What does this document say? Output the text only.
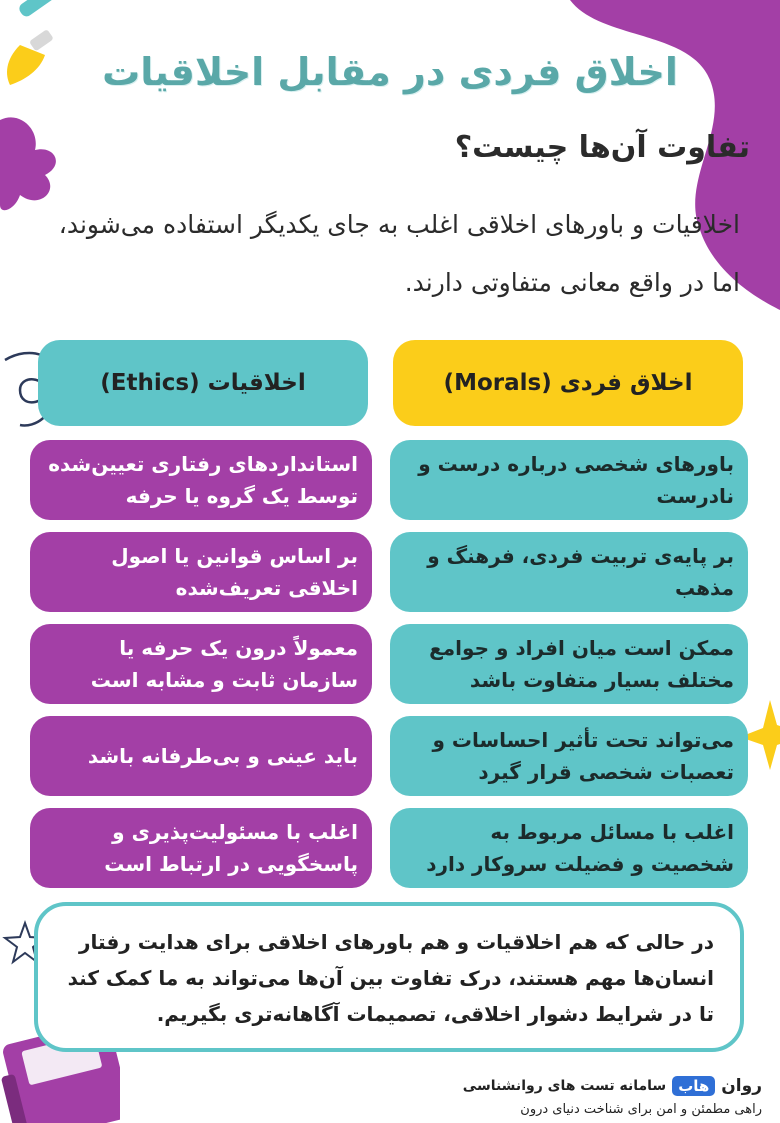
اخلاق فردی در مقابل اخلاقیات
تفاوت آن‌ها چیست؟
اخلاقیات و باورهای اخلاقی اغلب به جای یکدیگر استفاده می‌شوند، اما در واقع معانی متفاوتی دارند.
اخلاق فردی (Morals)
اخلاقیات (Ethics)
باورهای شخصی درباره درست و نادرست
استانداردهای رفتاری تعیین‌شده توسط یک گروه یا حرفه
بر پایه‌ی تربیت فردی، فرهنگ و مذهب
بر اساس قوانین یا اصول اخلاقی تعریف‌شده
ممکن است میان افراد و جوامع مختلف بسیار متفاوت باشد
معمولاً درون یک حرفه یا سازمان ثابت و مشابه است
می‌تواند تحت تأثیر احساسات و تعصبات شخصی قرار گیرد
باید عینی و بی‌طرفانه باشد
اغلب با مسائل مربوط به شخصیت و فضیلت سروکار دارد
اغلب با مسئولیت‌پذیری و پاسخگویی در ارتباط است
در حالی که هم اخلاقیات و هم باورهای اخلاقی برای هدایت رفتار انسان‌ها مهم هستند، درک تفاوت بین آن‌ها می‌تواند به ما کمک کند تا در شرایط دشوار اخلاقی، تصمیمات آگاهانه‌تری بگیریم.
روان
هاب
سامانه تست های روانشناسی
راهی مطمئن و امن برای شناخت دنیای درون
